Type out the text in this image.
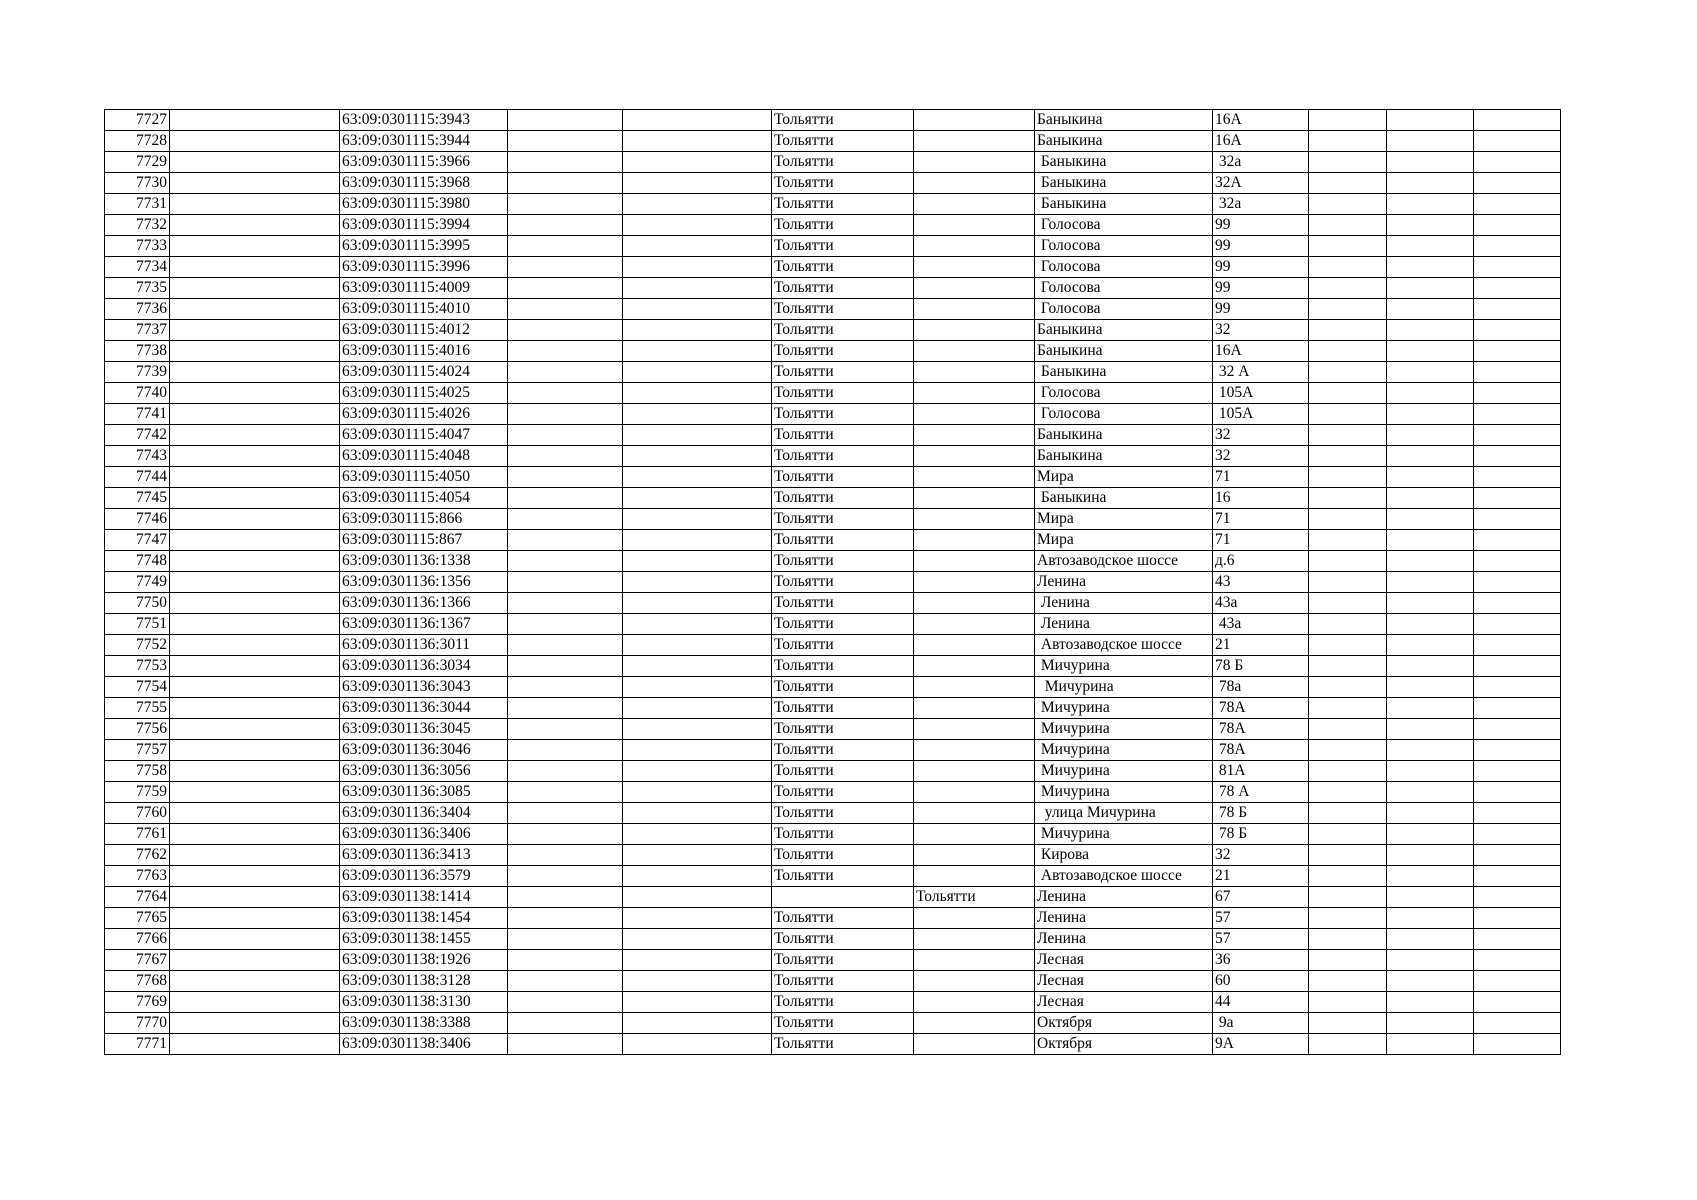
7727		63:09:0301115:3943			Тольятти		Баныкина	16А			
7728		63:09:0301115:3944			Тольятти		Баныкина	16А			
7729		63:09:0301115:3966			Тольятти		Баныкина	32а			
7730		63:09:0301115:3968			Тольятти		Баныкина	32А			
7731		63:09:0301115:3980			Тольятти		Баныкина	32а			
7732		63:09:0301115:3994			Тольятти		Голосова	99			
7733		63:09:0301115:3995			Тольятти		Голосова	99			
7734		63:09:0301115:3996			Тольятти		Голосова	99			
7735		63:09:0301115:4009			Тольятти		Голосова	99			
7736		63:09:0301115:4010			Тольятти		Голосова	99			
7737		63:09:0301115:4012			Тольятти		Баныкина	32			
7738		63:09:0301115:4016			Тольятти		Баныкина	16А			
7739		63:09:0301115:4024			Тольятти		Баныкина	32 А			
7740		63:09:0301115:4025			Тольятти		Голосова	105А			
7741		63:09:0301115:4026			Тольятти		Голосова	105А			
7742		63:09:0301115:4047			Тольятти		Баныкина	32			
7743		63:09:0301115:4048			Тольятти		Баныкина	32			
7744		63:09:0301115:4050			Тольятти		Мира	71			
7745		63:09:0301115:4054			Тольятти		Баныкина	16			
7746		63:09:0301115:866			Тольятти		Мира	71			
7747		63:09:0301115:867			Тольятти		Мира	71			
7748		63:09:0301136:1338			Тольятти		Автозаводское шоссе	д.6			
7749		63:09:0301136:1356			Тольятти		Ленина	43			
7750		63:09:0301136:1366			Тольятти		Ленина	43а			
7751		63:09:0301136:1367			Тольятти		Ленина	43а			
7752		63:09:0301136:3011			Тольятти		Автозаводское шоссе	21			
7753		63:09:0301136:3034			Тольятти		Мичурина	78 Б			
7754		63:09:0301136:3043			Тольятти		Мичурина	78а			
7755		63:09:0301136:3044			Тольятти		Мичурина	78А			
7756		63:09:0301136:3045			Тольятти		Мичурина	78А			
7757		63:09:0301136:3046			Тольятти		Мичурина	78А			
7758		63:09:0301136:3056			Тольятти		Мичурина	81А			
7759		63:09:0301136:3085			Тольятти		Мичурина	78 А			
7760		63:09:0301136:3404			Тольятти		улица Мичурина	78 Б			
7761		63:09:0301136:3406			Тольятти		Мичурина	78 Б			
7762		63:09:0301136:3413			Тольятти		Кирова	32			
7763		63:09:0301136:3579			Тольятти		Автозаводское шоссе	21			
7764		63:09:0301138:1414				Тольятти	Ленина	67			
7765		63:09:0301138:1454			Тольятти		Ленина	57			
7766		63:09:0301138:1455			Тольятти		Ленина	57			
7767		63:09:0301138:1926			Тольятти		Лесная	36			
7768		63:09:0301138:3128			Тольятти		Лесная	60			
7769		63:09:0301138:3130			Тольятти		Лесная	44			
7770		63:09:0301138:3388			Тольятти		Октября	9а			
7771		63:09:0301138:3406			Тольятти		Октября	9А			
